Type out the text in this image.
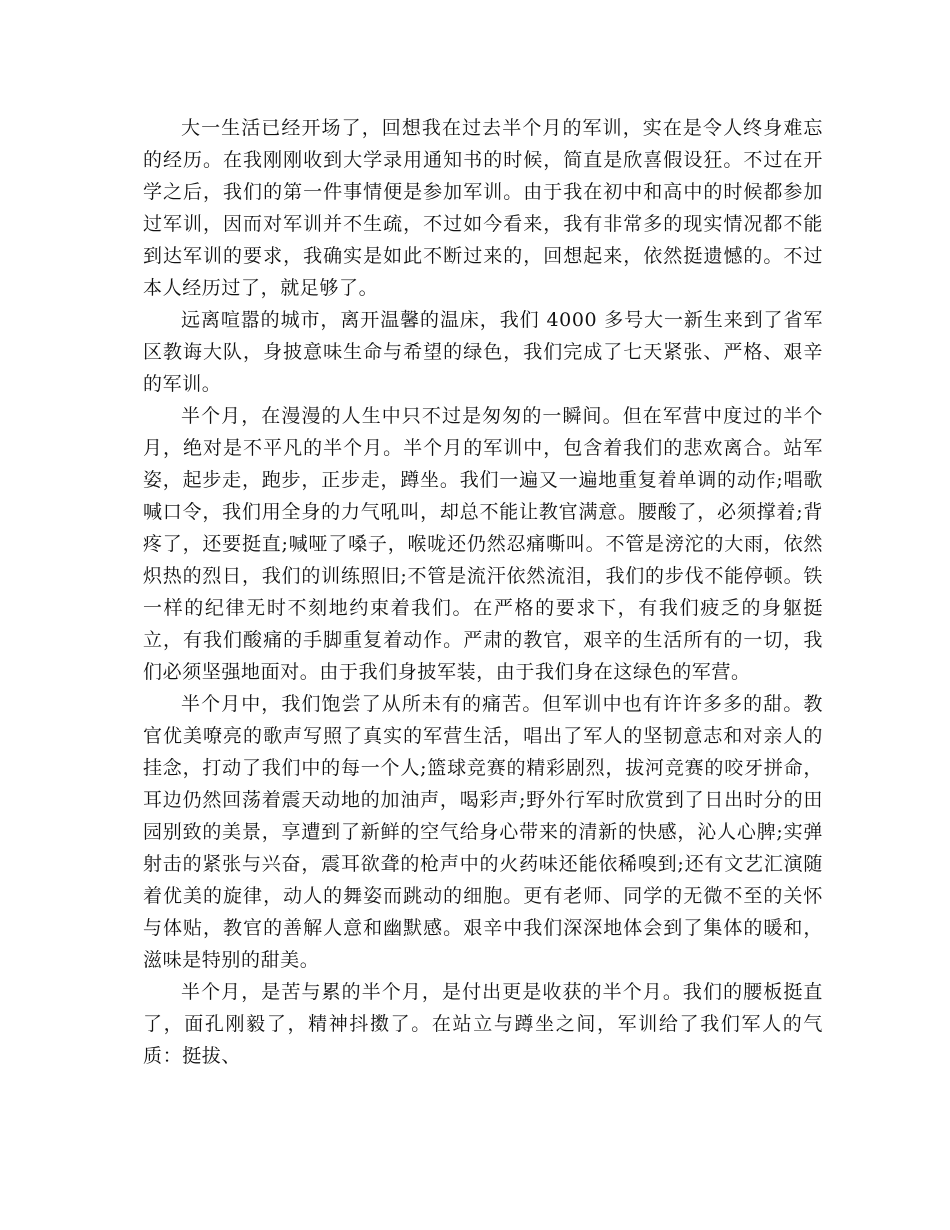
大一生活已经开场了，回想我在过去半个月的军训，实在是令人终身难忘的经历。在我刚刚收到大学录用通知书的时候，简直是欣喜假设狂。不过在开学之后，我们的第一件事情便是参加军训。由于我在初中和高中的时候都参加过军训，因而对军训并不生疏，不过如今看来，我有非常多的现实情况都不能到达军训的要求，我确实是如此不断过来的，回想起来，依然挺遗憾的。不过本人经历过了，就足够了。

远离喧嚣的城市，离开温馨的温床，我们 4000 多号大一新生来到了省军区教诲大队，身披意味生命与希望的绿色，我们完成了七天紧张、严格、艰辛的军训。

半个月，在漫漫的人生中只不过是匆匆的一瞬间。但在军营中度过的半个月，绝对是不平凡的半个月。半个月的军训中，包含着我们的悲欢离合。站军姿，起步走，跑步，正步走，蹲坐。我们一遍又一遍地重复着单调的动作;唱歌喊口令，我们用全身的力气吼叫，却总不能让教官满意。腰酸了，必须撑着;背疼了，还要挺直;喊哑了嗓子，喉咙还仍然忍痛嘶叫。不管是滂沱的大雨，依然炽热的烈日，我们的训练照旧;不管是流汗依然流泪，我们的步伐不能停顿。铁一样的纪律无时不刻地约束着我们。在严格的要求下，有我们疲乏的身躯挺立，有我们酸痛的手脚重复着动作。严肃的教官，艰辛的生活所有的一切，我们必须坚强地面对。由于我们身披军装，由于我们身在这绿色的军营。

半个月中，我们饱尝了从所未有的痛苦。但军训中也有许许多多的甜。教官优美嘹亮的歌声写照了真实的军营生活，唱出了军人的坚韧意志和对亲人的挂念，打动了我们中的每一个人;篮球竞赛的精彩剧烈，拔河竞赛的咬牙拼命，耳边仍然回荡着震天动地的加油声，喝彩声;野外行军时欣赏到了日出时分的田园别致的美景，享遭到了新鲜的空气给身心带来的清新的快感，沁人心脾;实弹射击的紧张与兴奋，震耳欲聋的枪声中的火药味还能依稀嗅到;还有文艺汇演随着优美的旋律，动人的舞姿而跳动的细胞。更有老师、同学的无微不至的关怀与体贴，教官的善解人意和幽默感。艰辛中我们深深地体会到了集体的暖和，滋味是特别的甜美。

半个月，是苦与累的半个月，是付出更是收获的半个月。我们的腰板挺直了，面孔刚毅了，精神抖擞了。在站立与蹲坐之间，军训给了我们军人的气质：挺拔、
